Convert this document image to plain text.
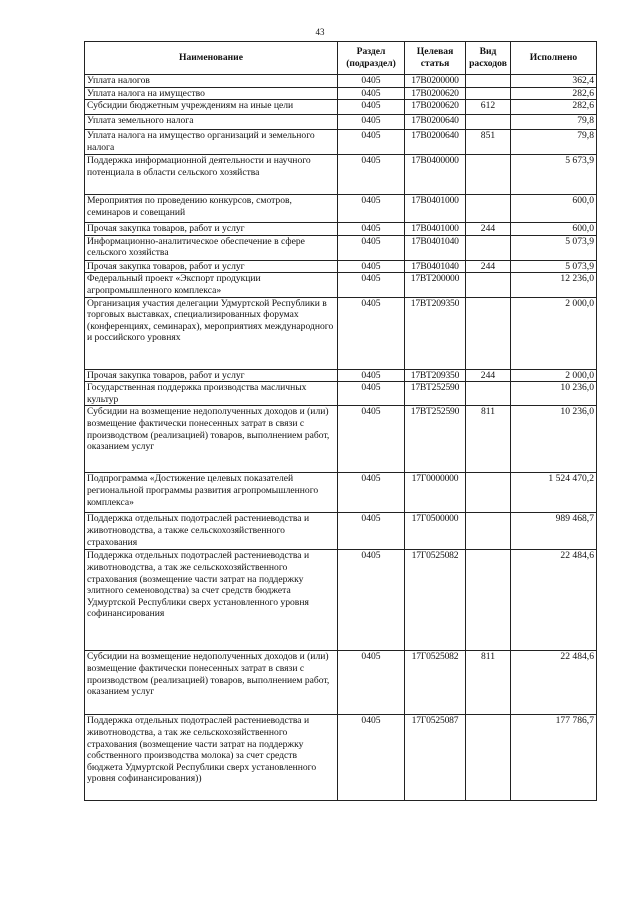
43
Наименование	Раздел (подраздел)	Целевая статья	Вид расходов	Исполнено
Уплата налогов	0405	17В0200000		362,4
Уплата налога на имущество	0405	17В0200620		282,6
Субсидии бюджетным учреждениям на иные цели	0405	17В0200620	612	282,6
Уплата земельного налога	0405	17В0200640		79,8
Уплата налога на имущество организаций и земельного налога	0405	17В0200640	851	79,8
Поддержка информационной деятельности и научного потенциала в области сельского хозяйства	0405	17В0400000		5 673,9
Мероприятия по проведению конкурсов, смотров, семинаров и совещаний	0405	17В0401000		600,0
Прочая закупка товаров, работ и услуг	0405	17В0401000	244	600,0
Информационно-аналитическое обеспечение в сфере сельского хозяйства	0405	17В0401040		5 073,9
Прочая закупка товаров, работ и услуг	0405	17В0401040	244	5 073,9
Федеральный проект «Экспорт продукции агропромышленного комплекса»	0405	17ВТ200000		12 236,0
Организация участия делегации Удмуртской Республики в торговых выставках, специализированных форумах (конференциях, семинарах), мероприятиях международного и российского уровнях	0405	17ВТ209350		2 000,0
Прочая закупка товаров, работ и услуг	0405	17ВТ209350	244	2 000,0
Государственная поддержка производства масличных культур	0405	17ВТ252590		10 236,0
Субсидии на возмещение недополученных доходов и (или) возмещение фактически понесенных затрат в связи с производством (реализацией) товаров, выполнением работ, оказанием услуг	0405	17ВТ252590	811	10 236,0
Подпрограмма «Достижение целевых показателей региональной программы развития агропромышленного комплекса»	0405	17Г0000000		1 524 470,2
Поддержка отдельных подотраслей растениеводства и животноводства, а также сельскохозяйственного страхования	0405	17Г0500000		989 468,7
Поддержка отдельных подотраслей растениеводства и животноводства, а так же сельскохозяйственного страхования (возмещение части затрат на поддержку элитного семеноводства) за счет средств бюджета Удмуртской Республики сверх установленного уровня софинансирования	0405	17Г0525082		22 484,6
Субсидии на возмещение недополученных доходов и (или) возмещение фактически понесенных затрат в связи с производством (реализацией) товаров, выполнением работ, оказанием услуг	0405	17Г0525082	811	22 484,6
Поддержка отдельных подотраслей растениеводства и животноводства, а так же сельскохозяйственного страхования (возмещение части затрат на поддержку собственного производства молока) за счет средств бюджета Удмуртской Республики сверх установленного уровня софинансирования))	0405	17Г0525087		177 786,7
